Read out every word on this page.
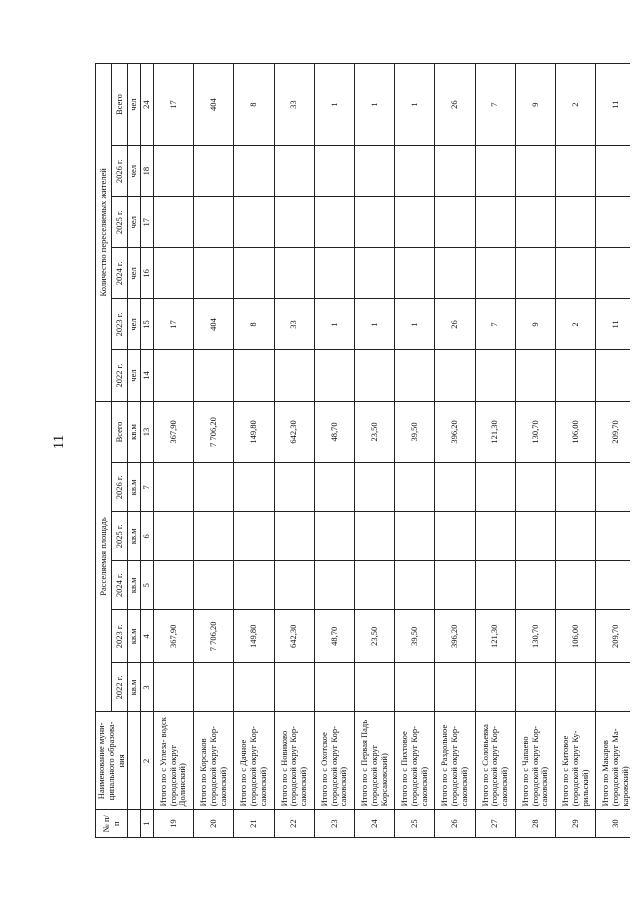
11
№ п/п	Наименование муни- ципального образова- ния	Расселяемая площадь						Количество переселяемых жителей					
		2022 г.	2023 г.	2024 г.	2025 г.	2026 г.	Всего	2022 г.	2023 г.	2024 г.	2025 г.	2026 г.	Всего
		кв.м	кв.м	кв.м	кв.м	кв.м	кв.м	чел	чел	чел	чел	чел	чел
1	2	3	4	5	6	7	13	14	15	16	17	18	24
19	Итого по с Углеза- водск (городской округ Долинский)		367,90				367,90		17				17
20	Итого по Корсаков (городской округ Кор- саковский)		7 706,20				7 706,20		404				404
21	Итого по с Дачное (городской округ Кор- саковский)		149,80				149,80		8				8
22	Итого по с Новиково (городской округ Кор- саковский)		642,30				642,30		33				33
23	Итого по с Охотское (городской округ Кор- саковский)		48,70				48,70		1				1
24	Итого по с Первая Падь (городской округ Корсаковский)		23,50				23,50		1				1
25	Итого по с Пихтовое (городской округ Кор- саковский)		39,50				39,50		1				1
26	Итого по с Раздольное (городской округ Кор- саковский)		396,20				396,20		26				26
27	Итого по с Соловьевка (городской округ Кор- саковский)		121,30				121,30		7				7
28	Итого по с Чапаево (городской округ Кор- саковский)		130,70				130,70		9				9
29	Итого по с Китовое (городской округ Ку- рильский)		106,00				106,00		2				2
30	Итого по Макаров (городской округ Ма- каровский)		209,70				209,70		11				11
